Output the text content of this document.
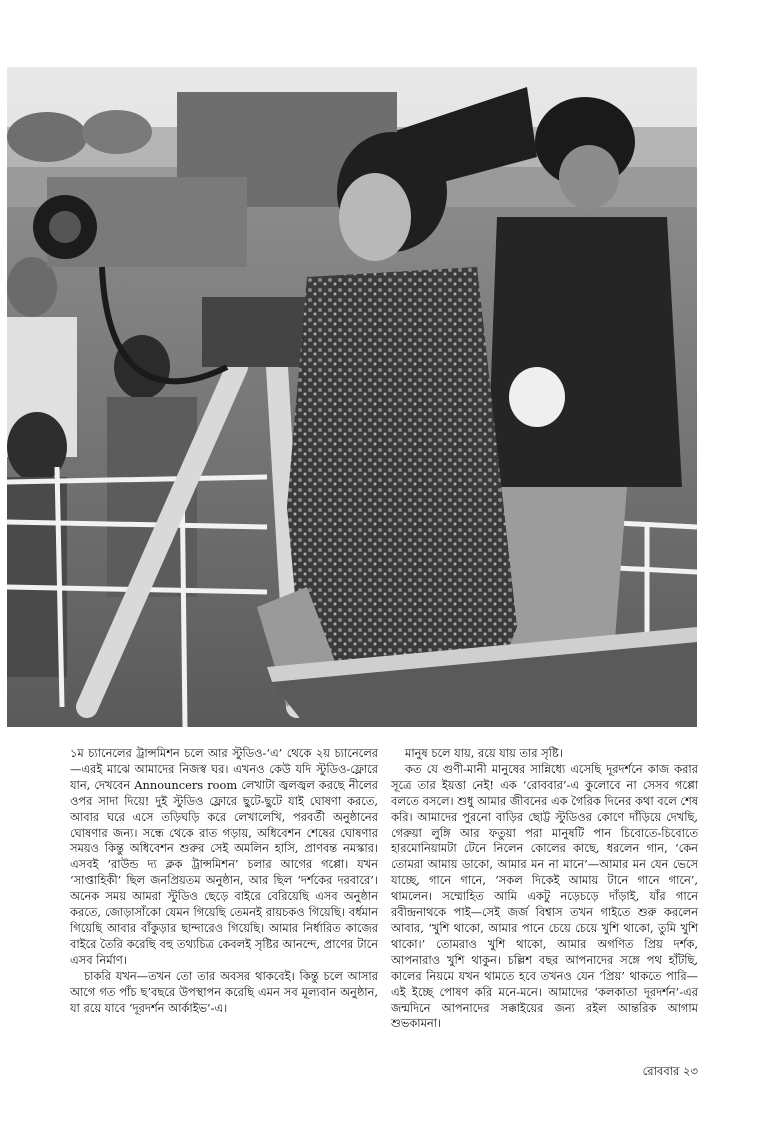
১ম চ্যানেলের ট্রান্সমিশন চলে আর স্টুডিও-‘এ’ থেকে ২য় চ্যানেলের—এরই মাঝে আমাদের নিজস্ব ঘর। এখনও কেউ যদি স্টুডিও-ফ্লোরে যান, দেখবেন Announcers room লেখাটা জ্বলজ্বল করছে নীলের ওপর সাদা দিয়ে! দুই স্টুডিও ফ্লোরে ছুটে-ছুটে যাই ঘোষণা করতে, আবার ঘরে এসে তড়িঘড়ি করে লেখালেখি, পরবর্তী অনুষ্ঠানের ঘোষণার জন্য। সন্ধে থেকে রাত গড়ায়, অধিবেশন শেষের ঘোষণার সময়ও কিন্তু অধিবেশন শুরুর সেই অমলিন হাসি, প্রাণবন্ত নমস্কার। এসবই ‘রাউন্ড দ্য ক্লক ট্রান্সমিশন’ চলার আগের গপ্পো। যখন ‘সাপ্তাহিকী’ ছিল জনপ্রিয়তম অনুষ্ঠান, আর ছিল ‘দর্শকের দরবারে’। অনেক সময় আমরা স্টুডিও ছেড়ে বাইরে বেরিয়েছি এসব অনুষ্ঠান করতে, জোড়াসাঁকো যেমন গিয়েছি তেমনই রায়চকও গিয়েছি। বর্ধমান গিয়েছি আবার বাঁকুড়ার ছান্দারেও গিয়েছি। আমার নির্ধারিত কাজের বাইরে তৈরি করেছি বহু তথ্যচিত্র কেবলই সৃষ্টির আনন্দে, প্রাণের টানে এসব নির্মাণ।

চাকরি যখন—তখন তো তার অবসর থাকবেই। কিন্তু চলে আসার আগে গত পাঁচ ছ’বছরে উপস্থাপন করেছি এমন সব মূল্যবান অনুষ্ঠান, যা রয়ে যাবে ‘দূরদর্শন আর্কাইভ’-এ।

মানুষ চলে যায়, রয়ে যায় তার সৃষ্টি।

কত যে গুণী-মানী মানুষের সান্নিধ্যে এসেছি দূরদর্শনে কাজ করার সূত্রে তার ইয়ত্তা নেই! এক ‘রোববার’-এ কুলোবে না সেসব গপ্পো বলতে বসলে। শুধু আমার জীবনের এক গৈরিক দিনের কথা বলে শেষ করি। আমাদের পুরনো বাড়ির ছোট্ট স্টুডিওর কোণে দাঁড়িয়ে দেখছি, গেরুয়া লুঙ্গি আর ফতুয়া পরা মানুষটি পান চিবোতে-চিবোতে হারমোনিয়ামটা টেনে নিলেন কোলের কাছে, ধরলেন গান, ‘কেন তোমরা আমায় ডাকো, আমার মন না মানে’—আমার মন যেন ভেসে যাচ্ছে, গানে গানে, ‘সকল দিকেই আমায় টানে গানে গানে’, থামলেন। সম্মোহিত আমি একটু নড়েচড়ে দাঁড়াই, যাঁর গানে রবীন্দ্রনাথকে পাই—সেই জর্জ বিশ্বাস তখন গাইতে শুরু করলেন আবার, ‘খুশি থাকো, আমার পানে চেয়ে চেয়ে খুশি থাকো, তুমি খুশি থাকো।’ তোমরাও খুশি থাকো, আমার অগণিত প্রিয় দর্শক, আপনারাও খুশি থাকুন। চল্লিশ বছর আপনাদের সঙ্গে পথ হাঁটছি, কালের নিয়মে যখন থামতে হবে তখনও যেন ‘প্রিয়’ থাকতে পারি—এই ইচ্ছে পোষণ করি মনে-মনে। আমাদের ‘কলকাতা দূরদর্শন’-এর জন্মদিনে আপনাদের সক্কাইয়ের জন্য রইল আন্তরিক আগাম শুভকামনা।

রোববার ২৩
